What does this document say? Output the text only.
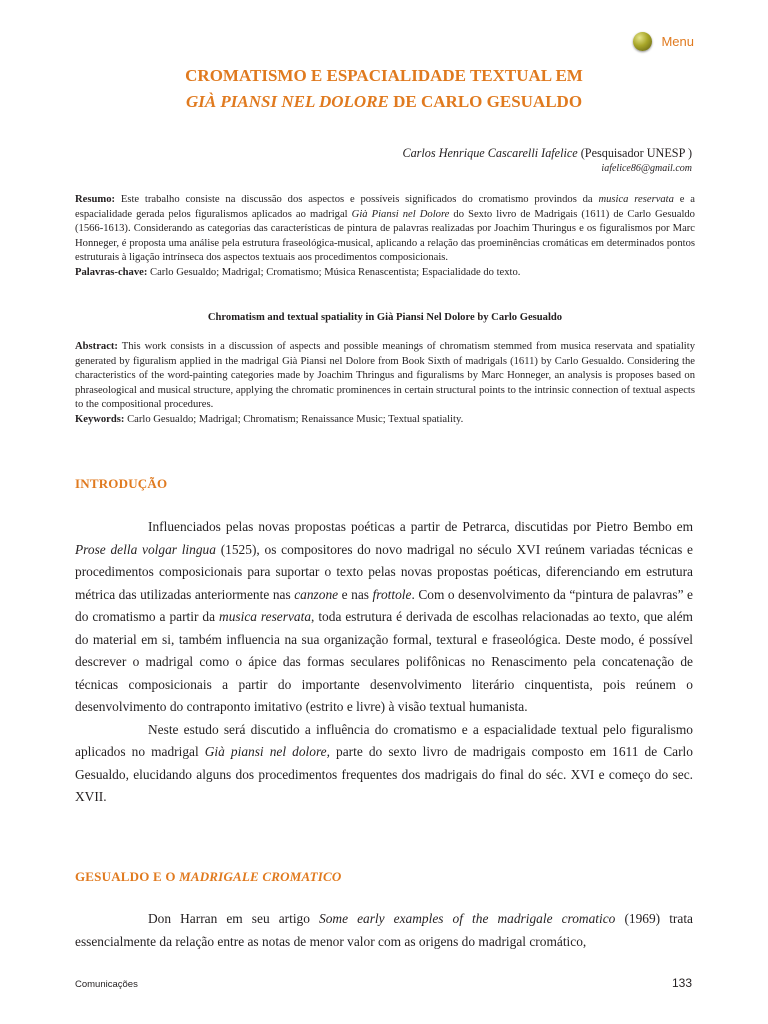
Menu
CROMATISMO E ESPACIALIDADE TEXTUAL EM
GIÀ PIANSI NEL DOLORE DE CARLO GESUALDO
Carlos Henrique Cascarelli Iafelice (Pesquisador UNESP )
iafelice86@gmail.com

Resumo: Este trabalho consiste na discussão dos aspectos e possíveis significados do cromatismo provindos da musica reservata e a espacialidade gerada pelos figuralismos aplicados ao madrigal Già Piansi nel Dolore do Sexto livro de Madrigais (1611) de Carlo Gesualdo (1566-1613). Considerando as categorias das características de pintura de palavras realizadas por Joachim Thuringus e os figuralismos por Marc Honneger, é proposta uma análise pela estrutura fraseológica-musical, aplicando a relação das proeminências cromáticas em determinados pontos estruturais à ligação intrínseca dos aspectos textuais aos procedimentos composicionais.

Palavras-chave: Carlo Gesualdo; Madrigal; Cromatismo; Música Renascentista; Espacialidade do texto.

Chromatism and textual spatiality in Già Piansi Nel Dolore by Carlo Gesualdo

Abstract: This work consists in a discussion of aspects and possible meanings of chromatism stemmed from musica reservata and spatiality generated by figuralism applied in the madrigal Già Piansi nel Dolore from Book Sixth of madrigals (1611) by Carlo Gesualdo. Considering the characteristics of the word-painting categories made by Joachim Thringus and figuralisms by Marc Honneger, an analysis is proposes based on phraseological and musical structure, applying the chromatic prominences in certain structural points to the intrinsic connection of textual aspects to the compositional procedures.

Keywords: Carlo Gesualdo; Madrigal; Chromatism; Renaissance Music; Textual spatiality.

INTRODUÇÃO

Influenciados pelas novas propostas poéticas a partir de Petrarca, discutidas por Pietro Bembo em Prose della volgar lingua (1525), os compositores do novo madrigal no século XVI reúnem variadas técnicas e procedimentos composicionais para suportar o texto pelas novas propostas poéticas, diferenciando em estrutura métrica das utilizadas anteriormente nas canzone e nas frottole. Com o desenvolvimento da “pintura de palavras” e do cromatismo a partir da musica reservata, toda estrutura é derivada de escolhas relacionadas ao texto, que além do material em si, também influencia na sua organização formal, textural e fraseológica. Deste modo, é possível descrever o madrigal como o ápice das formas seculares polifônicas no Renascimento pela concatenação de técnicas composicionais a partir do importante desenvolvimento literário cinquentista, pois reúnem o desenvolvimento do contraponto imitativo (estrito e livre) à visão textual humanista.

Neste estudo será discutido a influência do cromatismo e a espacialidade textual pelo figuralismo aplicados no madrigal Già piansi nel dolore, parte do sexto livro de madrigais composto em 1611 de Carlo Gesualdo, elucidando alguns dos procedimentos frequentes dos madrigais do final do séc. XVI e começo do sec. XVII.

GESUALDO E O MADRIGALE CROMATICO

Don Harran em seu artigo Some early examples of the madrigale cromatico (1969) trata essencialmente da relação entre as notas de menor valor com as origens do madrigal cromático,

Comunicações	133
